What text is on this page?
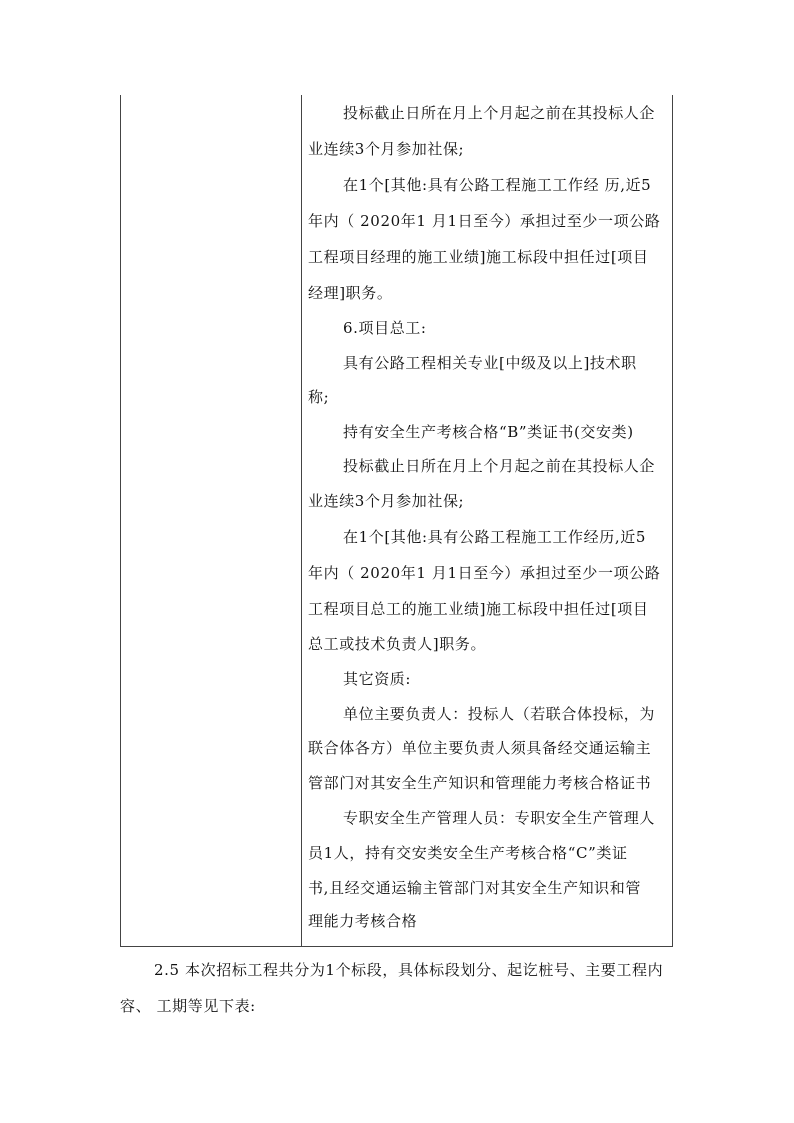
投标截止日所在月上个月起之前在其投标人企
业连续3个月参加社保;
在1个[其他:具有公路工程施工工作经 历,近5
年内（ 2020年1 月1日至今）承担过至少一项公路
工程项目经理的施工业绩]施工标段中担任过[项目
经理]职务。
6.项目总工:
具有公路工程相关专业[中级及以上]技术职
称;
持有安全生产考核合格“B”类证书(交安类)
投标截止日所在月上个月起之前在其投标人企
业连续3个月参加社保;
在1个[其他:具有公路工程施工工作经历,近5
年内（ 2020年1 月1日至今）承担过至少一项公路
工程项目总工的施工业绩]施工标段中担任过[项目
总工或技术负责人]职务。
其它资质:
单位主要负责人：投标人（若联合体投标，为
联合体各方）单位主要负责人须具备经交通运输主
管部门对其安全生产知识和管理能力考核合格证书
专职安全生产管理人员：专职安全生产管理人
员1人，持有交安类安全生产考核合格“C”类证
书,且经交通运输主管部门对其安全生产知识和管
理能力考核合格
2.5 本次招标工程共分为1个标段，具体标段划分、起讫桩号、主要工程内
容、 工期等见下表:
